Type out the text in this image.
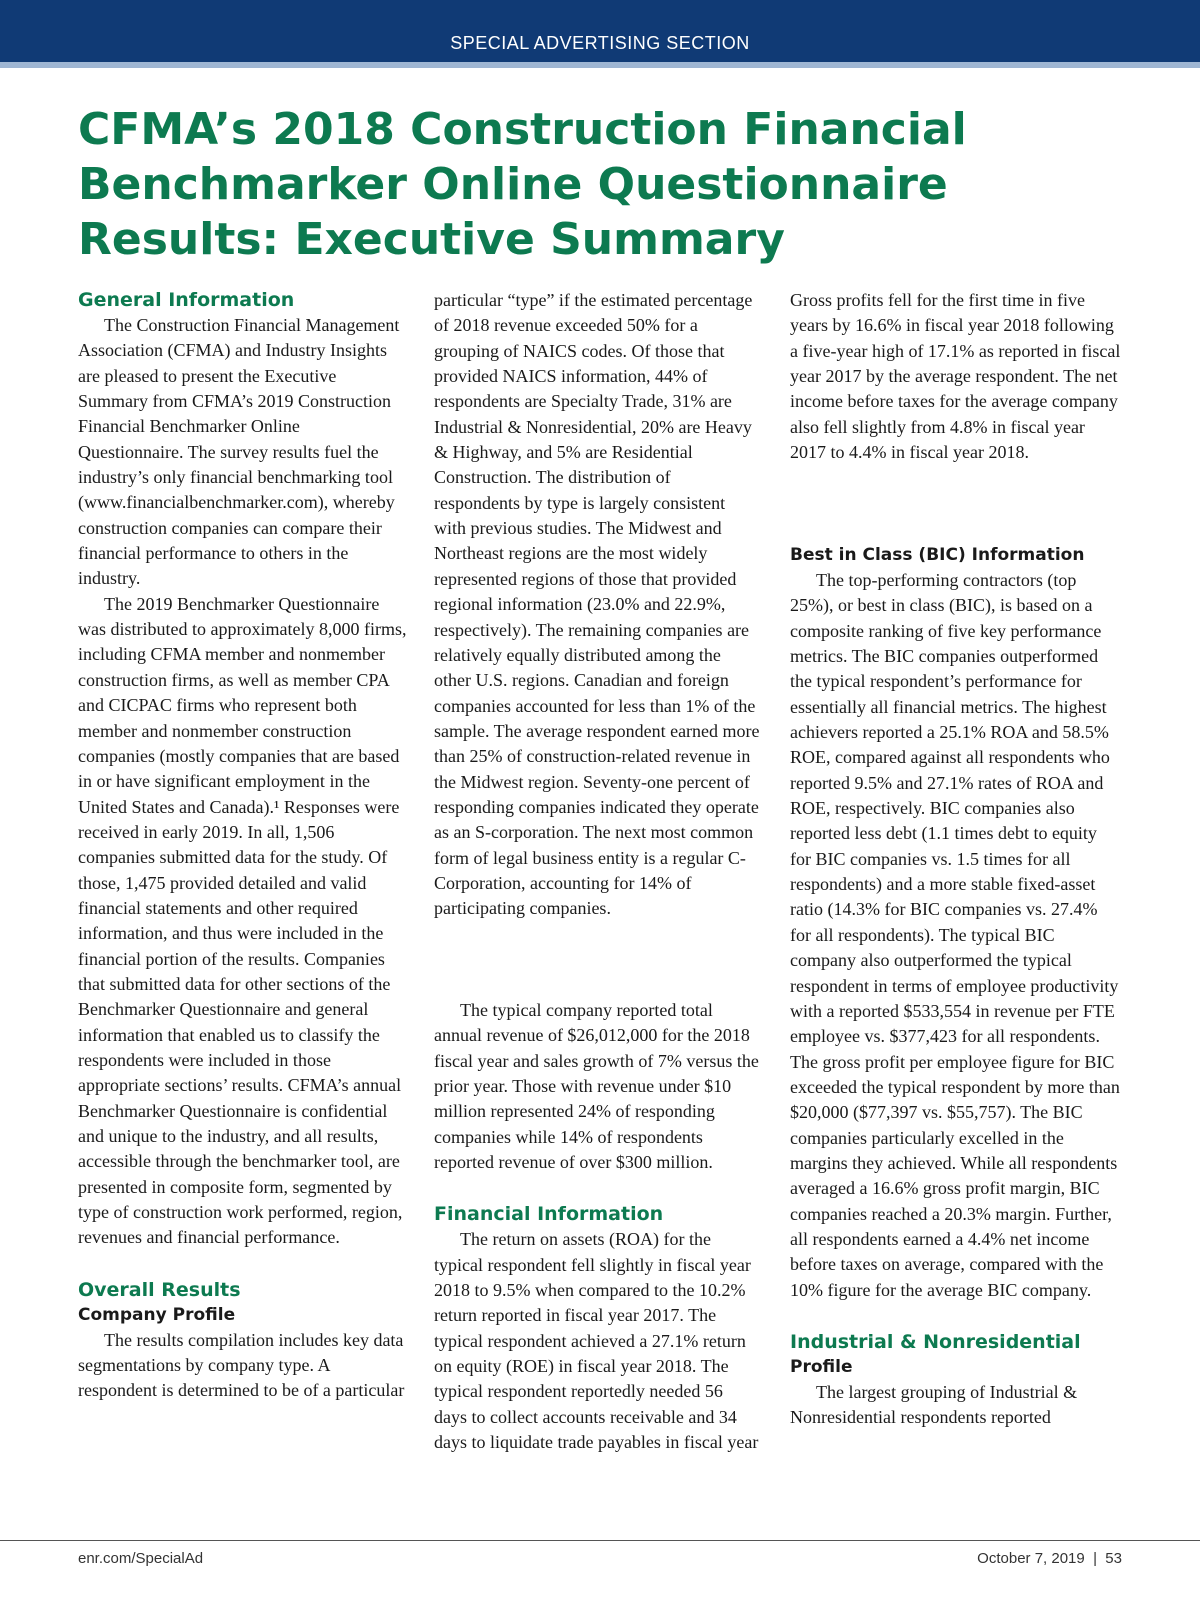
SPECIAL ADVERTISING SECTION
CFMA’s 2018 Construction Financial Benchmarker Online Questionnaire Results: Executive Summary
General Information

The Construction Financial Management Association (CFMA) and Industry Insights are pleased to present the Executive Summary from CFMA’s 2019 Construction Financial Benchmarker Online Questionnaire. The survey results fuel the industry’s only financial benchmarking tool (www.financialbenchmarker.com), whereby construction companies can compare their financial performance to others in the industry.

The 2019 Benchmarker Questionnaire was distributed to approximately 8,000 firms, including CFMA member and nonmember construction firms, as well as member CPA and CICPAC firms who represent both member and nonmember construction companies (mostly companies that are based in or have significant employment in the United States and Canada).¹ Responses were received in early 2019. In all, 1,506 companies submitted data for the study. Of those, 1,475 provided detailed and valid financial statements and other required information, and thus were included in the financial portion of the results. Companies that submitted data for other sections of the Benchmarker Questionnaire and general information that enabled us to classify the respondents were included in those appropriate sections’ results. CFMA’s annual Benchmarker Questionnaire is confidential and unique to the industry, and all results, accessible through the benchmarker tool, are presented in composite form, segmented by type of construction work performed, region, revenues and financial performance.

Overall Results
Company Profile

The results compilation includes key data segmentations by company type. A respondent is determined to be of a particular

particular “type” if the estimated percentage of 2018 revenue exceeded 50% for a grouping of NAICS codes. Of those that provided NAICS information, 44% of respondents are Specialty Trade, 31% are Industrial & Nonresidential, 20% are Heavy & Highway, and 5% are Residential Construction. The distribution of respondents by type is largely consistent with previous studies. The Midwest and Northeast regions are the most widely represented regions of those that provided regional information (23.0% and 22.9%, respectively). The remaining companies are relatively equally distributed among the other U.S. regions. Canadian and foreign companies accounted for less than 1% of the sample. The average respondent earned more than 25% of construction-related revenue in the Midwest region. Seventy-one percent of responding companies indicated they operate as an S-corporation. The next most common form of legal business entity is a regular C-Corporation, accounting for 14% of participating companies.

The typical company reported total annual revenue of $26,012,000 for the 2018 fiscal year and sales growth of 7% versus the prior year. Those with revenue under $10 million represented 24% of responding companies while 14% of respondents reported revenue of over $300 million.

Financial Information

The return on assets (ROA) for the typical respondent fell slightly in fiscal year 2018 to 9.5% when compared to the 10.2% return reported in fiscal year 2017. The typical respondent achieved a 27.1% return on equity (ROE) in fiscal year 2018. The typical respondent reportedly needed 56 days to collect accounts receivable and 34 days to liquidate trade payables in fiscal year

Gross profits fell for the first time in five years by 16.6% in fiscal year 2018 following a five-year high of 17.1% as reported in fiscal year 2017 by the average respondent. The net income before taxes for the average company also fell slightly from 4.8% in fiscal year 2017 to 4.4% in fiscal year 2018.

Best in Class (BIC) Information

The top-performing contractors (top 25%), or best in class (BIC), is based on a composite ranking of five key performance metrics. The BIC companies outperformed the typical respondent’s performance for essentially all financial metrics. The highest achievers reported a 25.1% ROA and 58.5% ROE, compared against all respondents who reported 9.5% and 27.1% rates of ROA and ROE, respectively. BIC companies also reported less debt (1.1 times debt to equity for BIC companies vs. 1.5 times for all respondents) and a more stable fixed-asset ratio (14.3% for BIC companies vs. 27.4% for all respondents). The typical BIC company also outperformed the typical respondent in terms of employee productivity with a reported $533,554 in revenue per FTE employee vs. $377,423 for all respondents. The gross profit per employee figure for BIC exceeded the typical respondent by more than $20,000 ($77,397 vs. $55,757). The BIC companies particularly excelled in the margins they achieved. While all respondents averaged a 16.6% gross profit margin, BIC companies reached a 20.3% margin. Further, all respondents earned a 4.4% net income before taxes on average, compared with the 10% figure for the average BIC company.

Industrial & Nonresidential
Profile

The largest grouping of Industrial & Nonresidential respondents reported

enr.com/SpecialAd	October 7, 2019  |  53
